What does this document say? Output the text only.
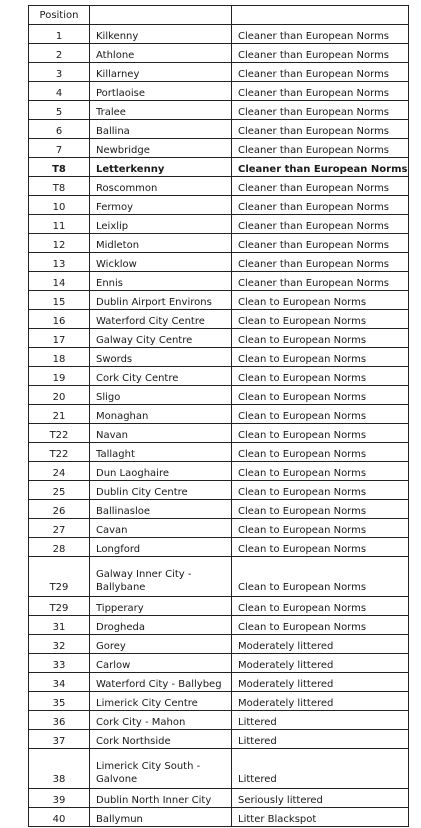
Position		
1	Kilkenny	Cleaner than European Norms
2	Athlone	Cleaner than European Norms
3	Killarney	Cleaner than European Norms
4	Portlaoise	Cleaner than European Norms
5	Tralee	Cleaner than European Norms
6	Ballina	Cleaner than European Norms
7	Newbridge	Cleaner than European Norms
T8	Letterkenny	Cleaner than European Norms
T8	Roscommon	Cleaner than European Norms
10	Fermoy	Cleaner than European Norms
11	Leixlip	Cleaner than European Norms
12	Midleton	Cleaner than European Norms
13	Wicklow	Cleaner than European Norms
14	Ennis	Cleaner than European Norms
15	Dublin Airport Environs	Clean to European Norms
16	Waterford City Centre	Clean to European Norms
17	Galway City Centre	Clean to European Norms
18	Swords	Clean to European Norms
19	Cork City Centre	Clean to European Norms
20	Sligo	Clean to European Norms
21	Monaghan	Clean to European Norms
T22	Navan	Clean to European Norms
T22	Tallaght	Clean to European Norms
24	Dun Laoghaire	Clean to European Norms
25	Dublin City Centre	Clean to European Norms
26	Ballinasloe	Clean to European Norms
27	Cavan	Clean to European Norms
28	Longford	Clean to European Norms
T29	Galway Inner City - Ballybane	Clean to European Norms
T29	Tipperary	Clean to European Norms
31	Drogheda	Clean to European Norms
32	Gorey	Moderately littered
33	Carlow	Moderately littered
34	Waterford City - Ballybeg	Moderately littered
35	Limerick City Centre	Moderately littered
36	Cork City - Mahon	Littered
37	Cork Northside	Littered
38	Limerick City South - Galvone	Littered
39	Dublin North Inner City	Seriously littered
40	Ballymun	Litter Blackspot
